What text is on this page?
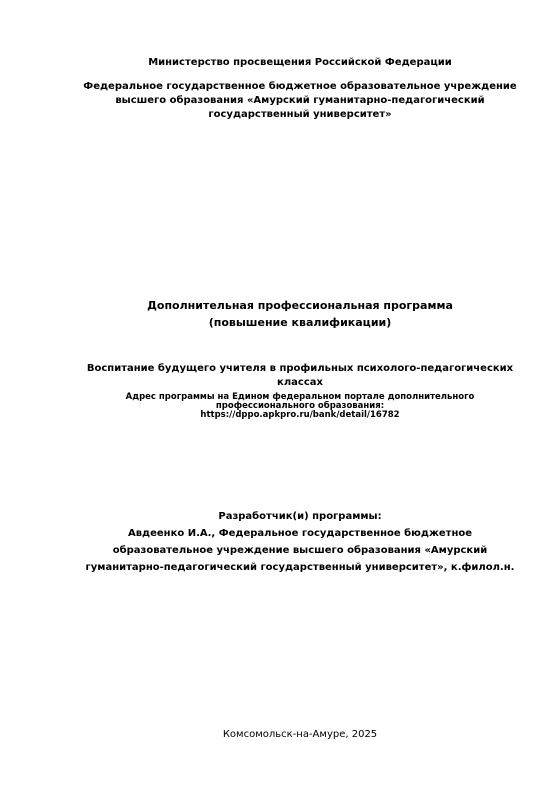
Министерство просвещения Российской Федерации
Федеральное государственное бюджетное образовательное учреждение
высшего образования «Амурский гуманитарно-педагогический
государственный университет»
Дополнительная профессиональная программа
(повышение квалификации)
Воспитание будущего учителя в профильных психолого-педагогических
классах
Адрес программы на Едином федеральном портале дополнительного
профессионального образования:
https://dppo.apkpro.ru/bank/detail/16782
Разработчик(и) программы:
Авдеенко И.А., Федеральное государственное бюджетное
образовательное учреждение высшего образования «Амурский
гуманитарно-педагогический государственный университет», к.филол.н.
Комсомольск-на-Амуре, 2025
